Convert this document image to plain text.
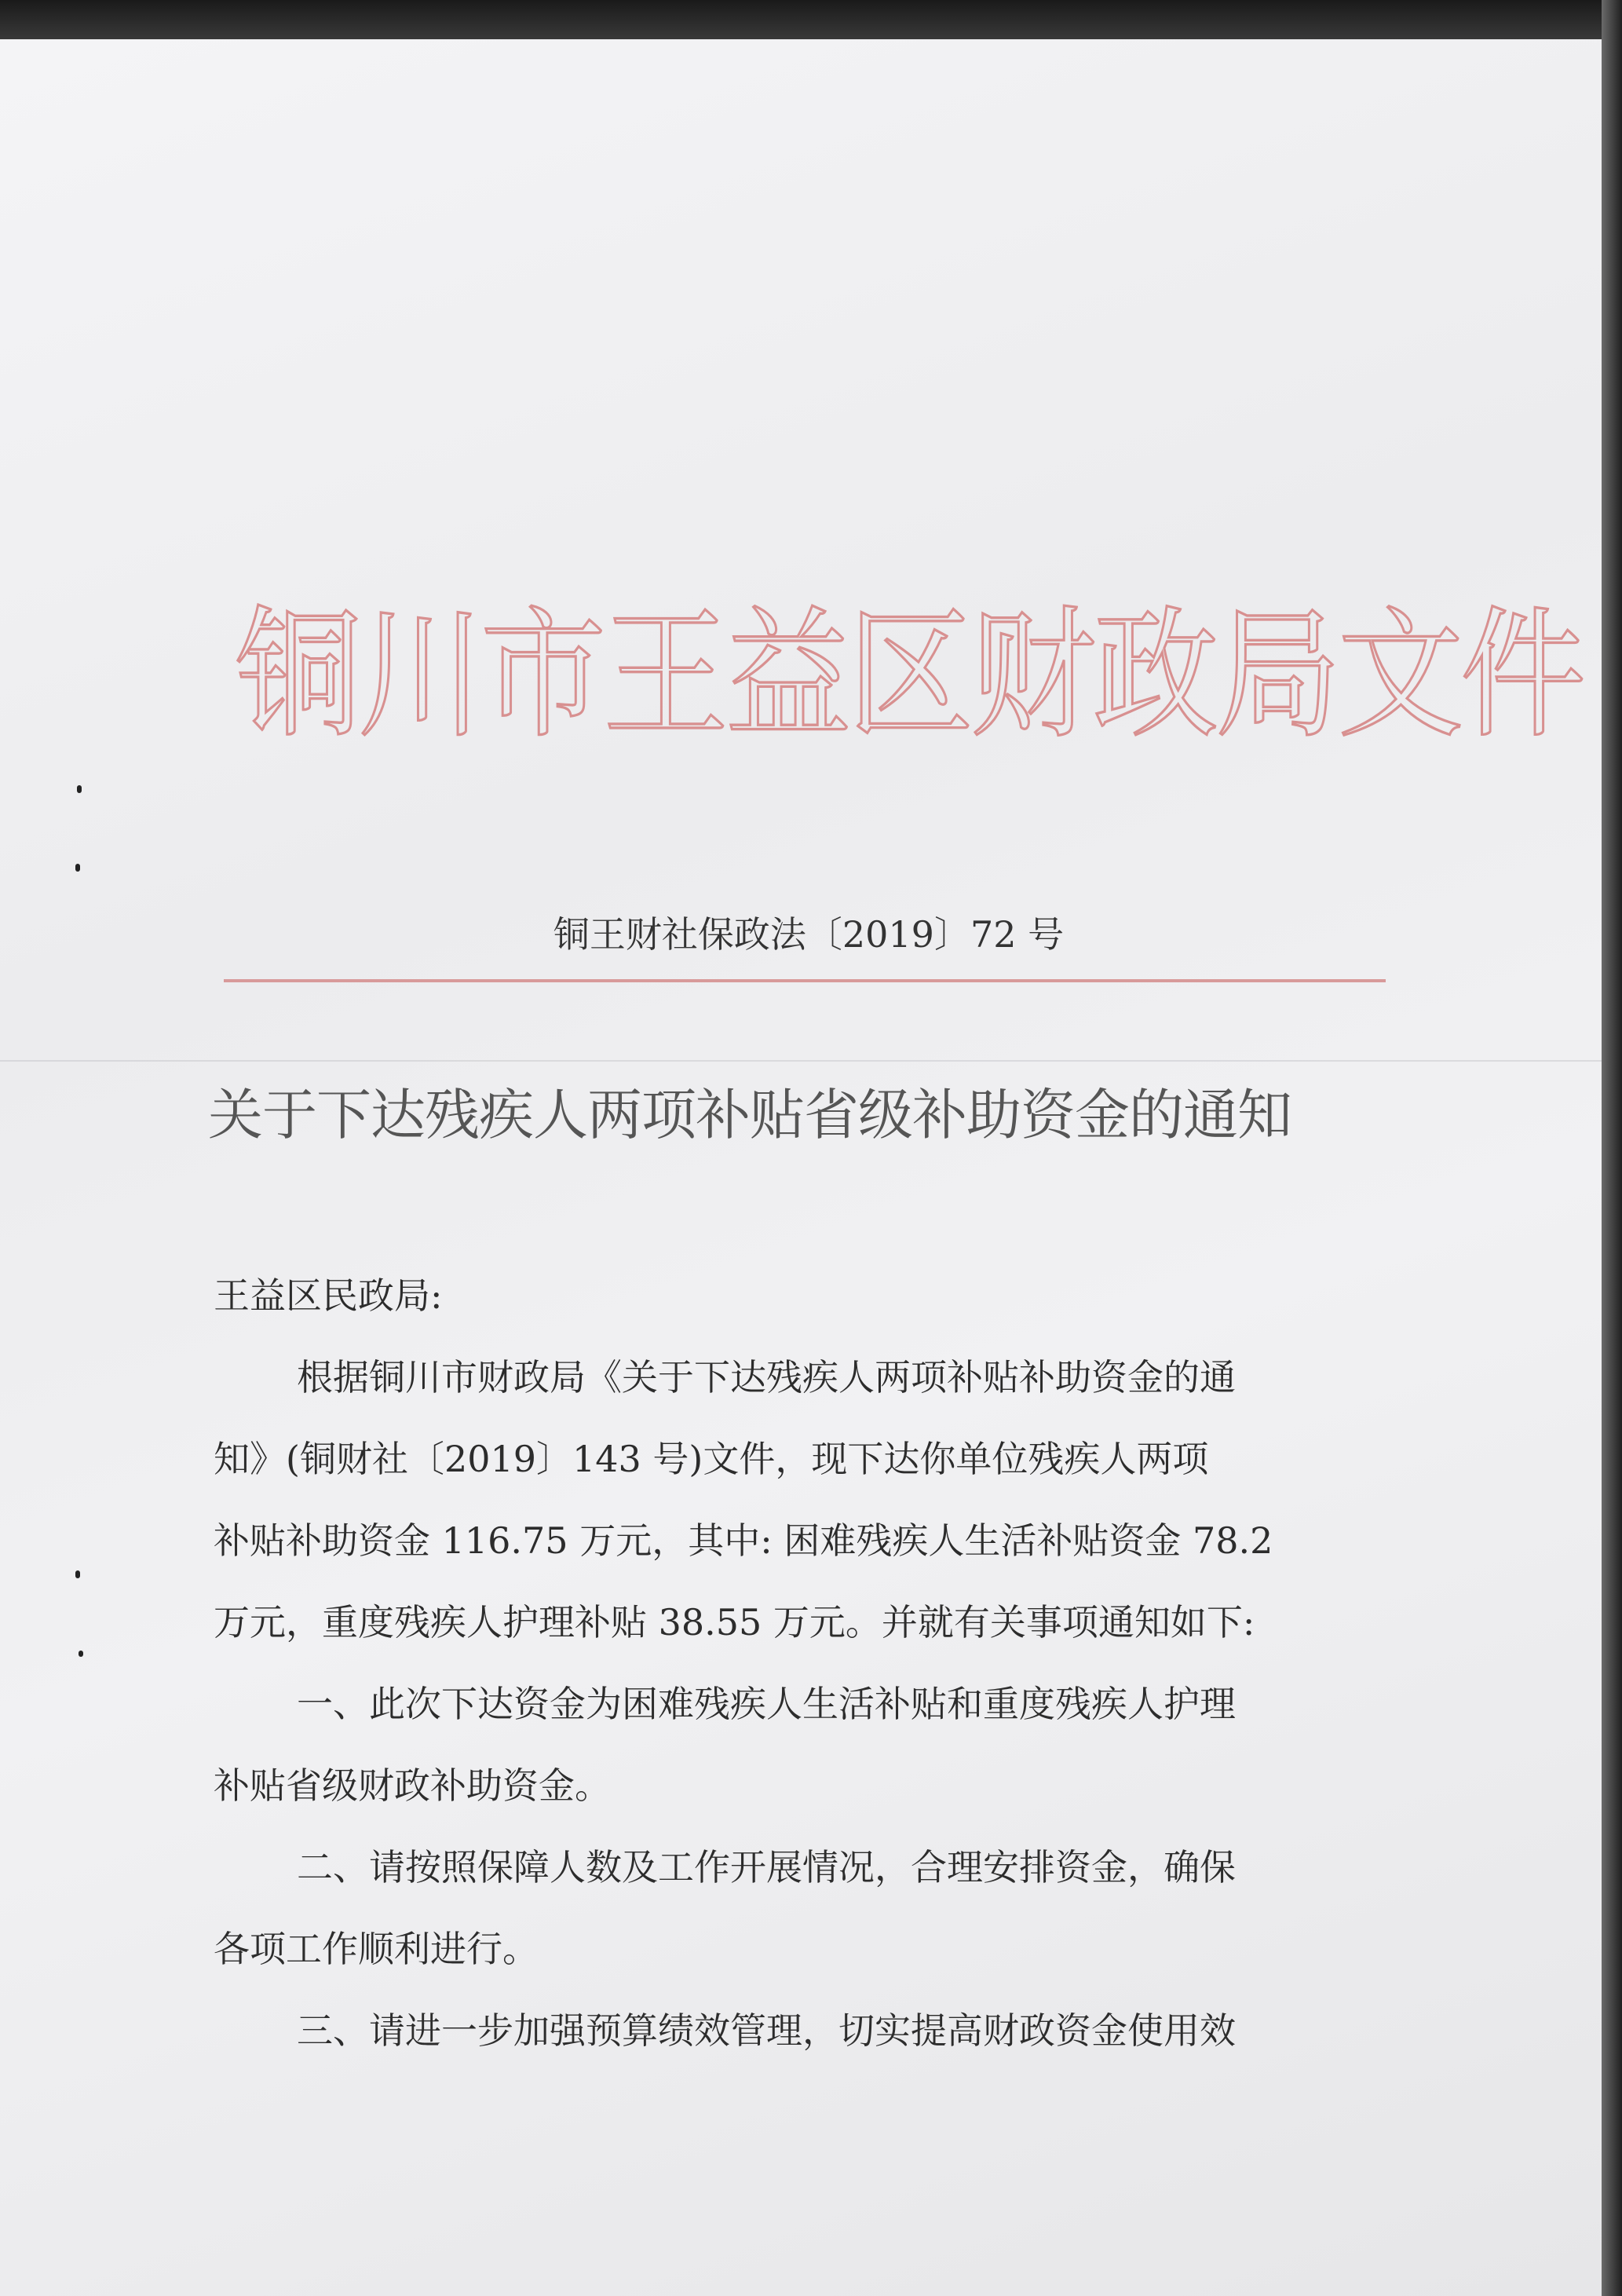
铜川市王益区财政局文件
铜王财社保政法〔2019〕72 号
关于下达残疾人两项补贴省级补助资金的通知
王益区民政局:
根据铜川市财政局《关于下达残疾人两项补贴补助资金的通
知》(铜财社〔2019〕143 号)文件，现下达你单位残疾人两项
补贴补助资金 116.75 万元，其中: 困难残疾人生活补贴资金 78.2
万元，重度残疾人护理补贴 38.55 万元。并就有关事项通知如下:
一、此次下达资金为困难残疾人生活补贴和重度残疾人护理
补贴省级财政补助资金。
二、请按照保障人数及工作开展情况，合理安排资金，确保
各项工作顺利进行。
三、请进一步加强预算绩效管理，切实提高财政资金使用效
